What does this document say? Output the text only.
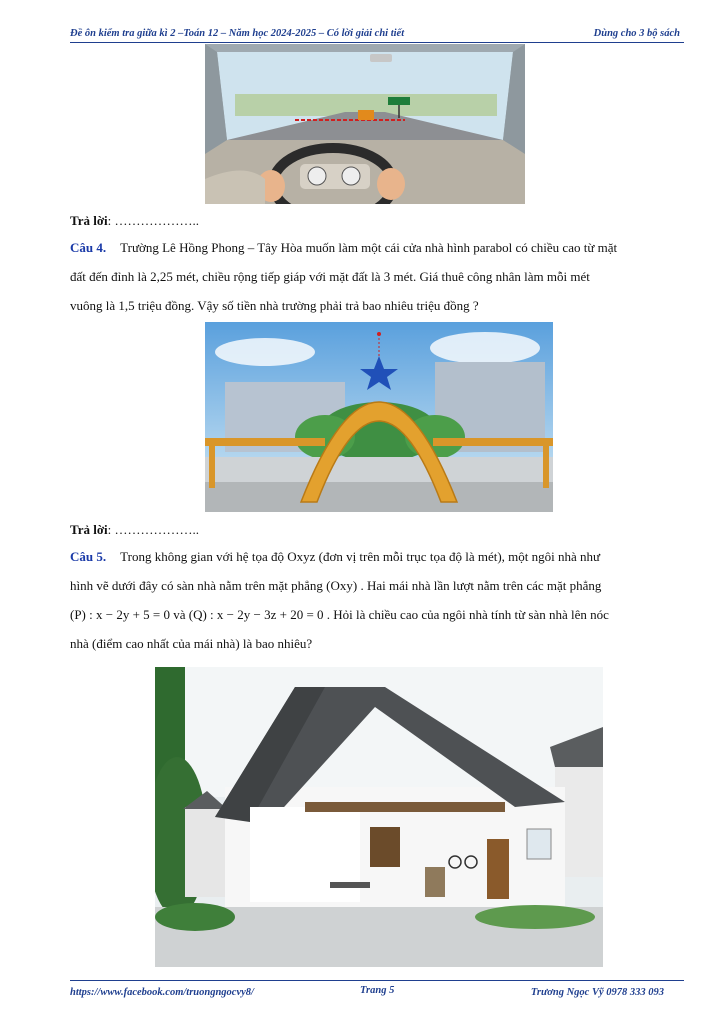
Đề ôn kiểm tra giữa kì 2 –Toán 12 – Năm học 2024-2025 – Có lời giải chi tiết	Dùng cho 3 bộ sách
Trả lời: ………………..
Câu 4. Trường Lê Hồng Phong – Tây Hòa muốn làm một cái cửa nhà hình parabol có chiều cao từ mặt
đất đến đỉnh là 2,25 mét, chiều rộng tiếp giáp với mặt đất là 3 mét. Giá thuê công nhân làm mỗi mét
vuông là 1,5 triệu đồng. Vậy số tiền nhà trường phải trả bao nhiêu triệu đồng ?
Trả lời: ………………..
Câu 5. Trong không gian với hệ tọa độ Oxyz (đơn vị trên mỗi trục tọa độ là mét), một ngôi nhà như
hình vẽ dưới đây có sàn nhà nằm trên mặt phẳng (Oxy) . Hai mái nhà lần lượt nằm trên các mặt phẳng
(P) : x − 2y + 5 = 0 và (Q) : x − 2y − 3z + 20 = 0 . Hỏi là chiều cao của ngôi nhà tính từ sàn nhà lên nóc
nhà (điểm cao nhất của mái nhà) là bao nhiêu?
https://www.facebook.com/truongngocvy8/	Trang 5	Trương Ngọc Vỹ 0978 333 093
